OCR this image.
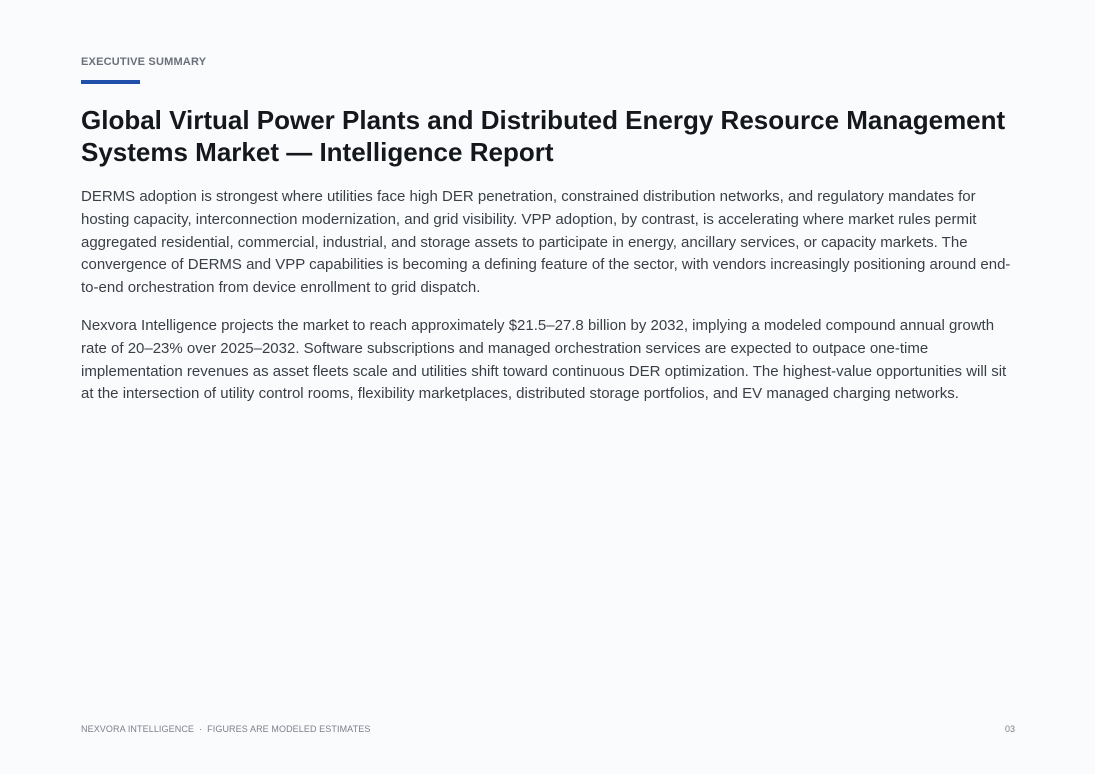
EXECUTIVE SUMMARY
Global Virtual Power Plants and Distributed Energy Resource Management Systems Market — Intelligence Report

DERMS adoption is strongest where utilities face high DER penetration, constrained distribution networks, and regulatory mandates for hosting capacity, interconnection modernization, and grid visibility. VPP adoption, by contrast, is accelerating where market rules permit aggregated residential, commercial, industrial, and storage assets to participate in energy, ancillary services, or capacity markets. The convergence of DERMS and VPP capabilities is becoming a defining feature of the sector, with vendors increasingly positioning around end-to-end orchestration from device enrollment to grid dispatch.

Nexvora Intelligence projects the market to reach approximately $21.5–27.8 billion by 2032, implying a modeled compound annual growth rate of 20–23% over 2025–2032. Software subscriptions and managed orchestration services are expected to outpace one-time implementation revenues as asset fleets scale and utilities shift toward continuous DER optimization. The highest-value opportunities will sit at the intersection of utility control rooms, flexibility marketplaces, distributed storage portfolios, and EV managed charging networks.

NEXVORA INTELLIGENCE · FIGURES ARE MODELED ESTIMATES	03
